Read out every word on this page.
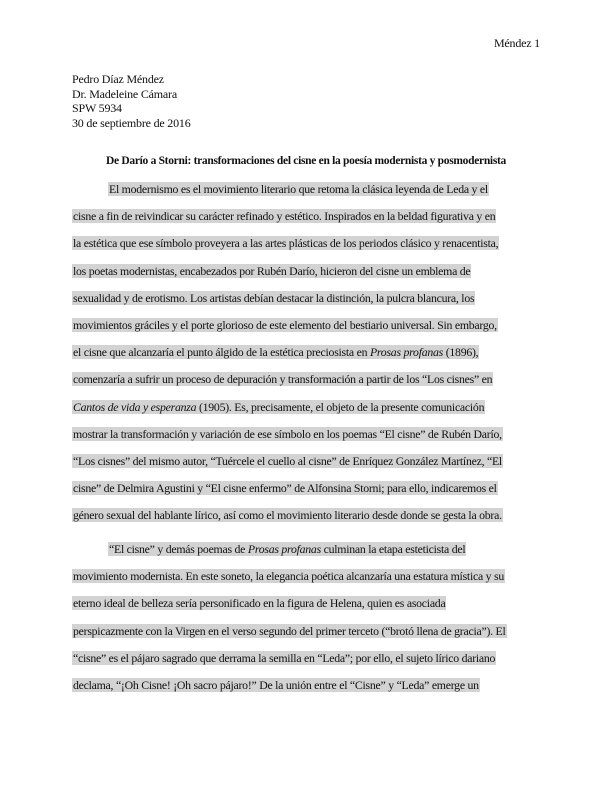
Méndez 1
Pedro Díaz Méndez
Dr. Madeleine Cámara
SPW 5934
30 de septiembre de 2016
De Darío a Storni: transformaciones del cisne en la poesía modernista y posmodernista
El modernismo es el movimiento literario que retoma la clásica leyenda de Leda y el
cisne a fin de reivindicar su carácter refinado y estético. Inspirados en la beldad figurativa y en
la estética que ese símbolo proveyera a las artes plásticas de los periodos clásico y renacentista,
los poetas modernistas, encabezados por Rubén Darío, hicieron del cisne un emblema de
sexualidad y de erotismo. Los artistas debían destacar la distinción, la pulcra blancura, los
movimientos gráciles y el porte glorioso de este elemento del bestiario universal. Sin embargo,
el cisne que alcanzaría el punto álgido de la estética preciosista en Prosas profanas (1896),
comenzaría a sufrir un proceso de depuración y transformación a partir de los “Los cisnes” en
Cantos de vida y esperanza (1905). Es, precisamente, el objeto de la presente comunicación
mostrar la transformación y variación de ese símbolo en los poemas “El cisne” de Rubén Darío,
“Los cisnes” del mismo autor, “Tuércele el cuello al cisne” de Enríquez González Martínez, “El
cisne” de Delmira Agustini y “El cisne enfermo” de Alfonsina Storni; para ello, indicaremos el
género sexual del hablante lírico, así como el movimiento literario desde donde se gesta la obra.
“El cisne” y demás poemas de Prosas profanas culminan la etapa esteticista del
movimiento modernista. En este soneto, la elegancia poética alcanzaría una estatura mística y su
eterno ideal de belleza sería personificado en la figura de Helena, quien es asociada
perspicazmente con la Virgen en el verso segundo del primer terceto (“brotó llena de gracia”). El
“cisne” es el pájaro sagrado que derrama la semilla en “Leda”; por ello, el sujeto lírico dariano
declama, “¡Oh Cisne! ¡Oh sacro pájaro!” De la unión entre el “Cisne” y “Leda” emerge un
